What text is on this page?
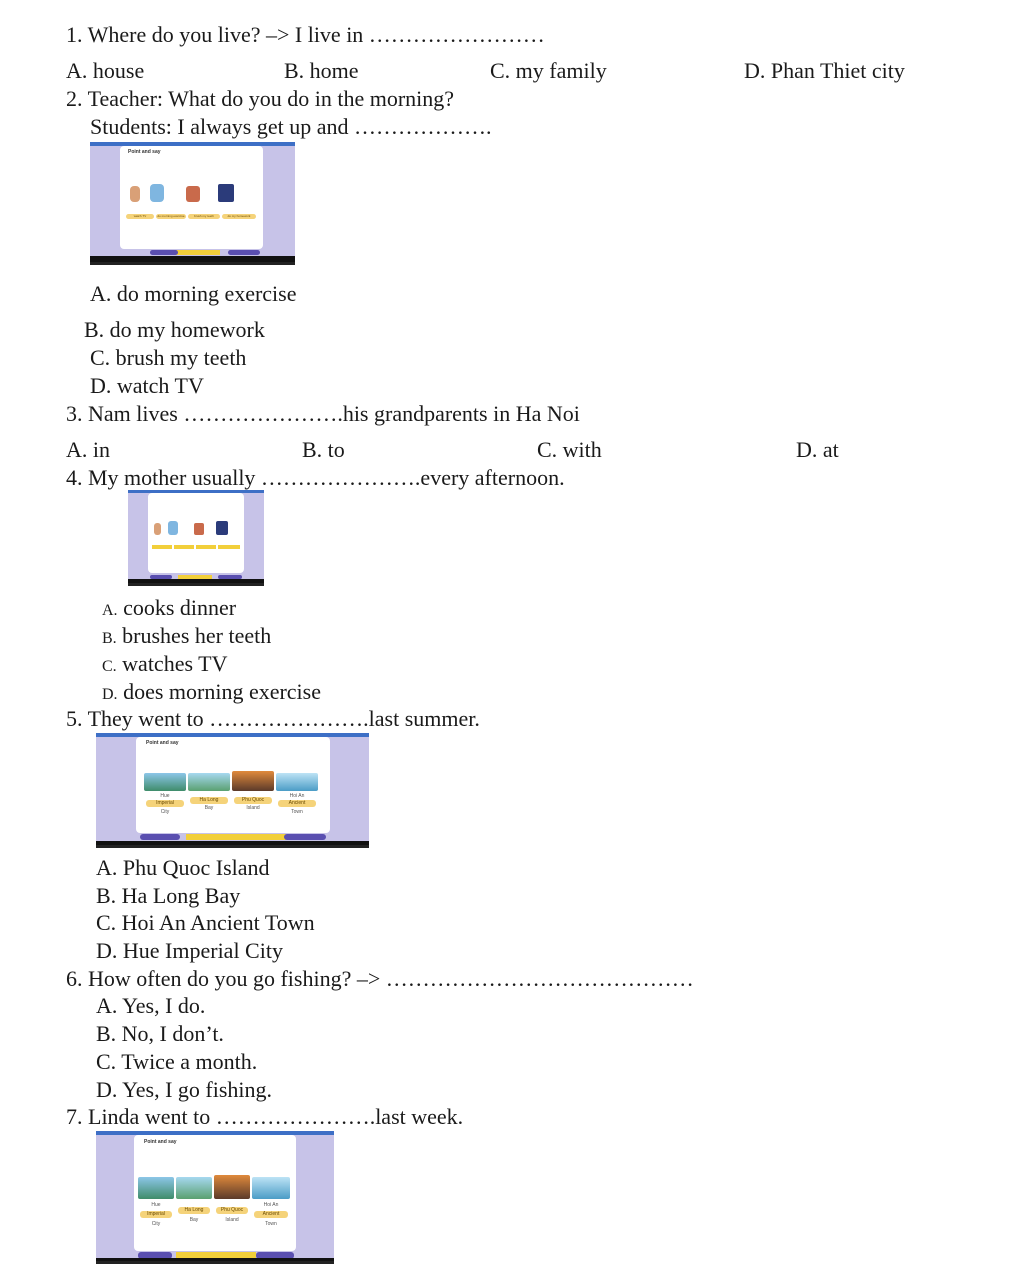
1. Where do you live? –> I live in ……………………
A. house	B. home	C. my family	D. Phan Thiet city
2. Teacher: What do you do in the morning?
Students: I always get up and ……………….
Point and say
watch TV	do morning exercise	brush my teeth	do my homework
A. do morning exercise
B. do my homework
C. brush my teeth
D. watch TV
3. Nam lives ………………….his grandparents in Ha Noi
A. in	B. to	C. with	D. at
4. My mother usually ………………….every afternoon.
A. cooks dinner
B. brushes her teeth
C. watches TV
D. does morning exercise
5. They went to ………………….last summer.
Point and say
Hue	Hoi An
Imperial	Ha Long	Phu Quoc	Ancient
City
Bay	Island
Town
A. Phu Quoc Island
B. Ha Long Bay
C. Hoi An Ancient Town
D. Hue Imperial City
6. How often do you go fishing? –> ……………………………………
A. Yes, I do.
B. No, I don’t.
C. Twice a month.
D. Yes, I go fishing.
7. Linda went to ………………….last week.
Point and say
Hue	Hoi An
Imperial
Ha Long	Phu Quoc
Ancient
City
Bay	Island
Town
